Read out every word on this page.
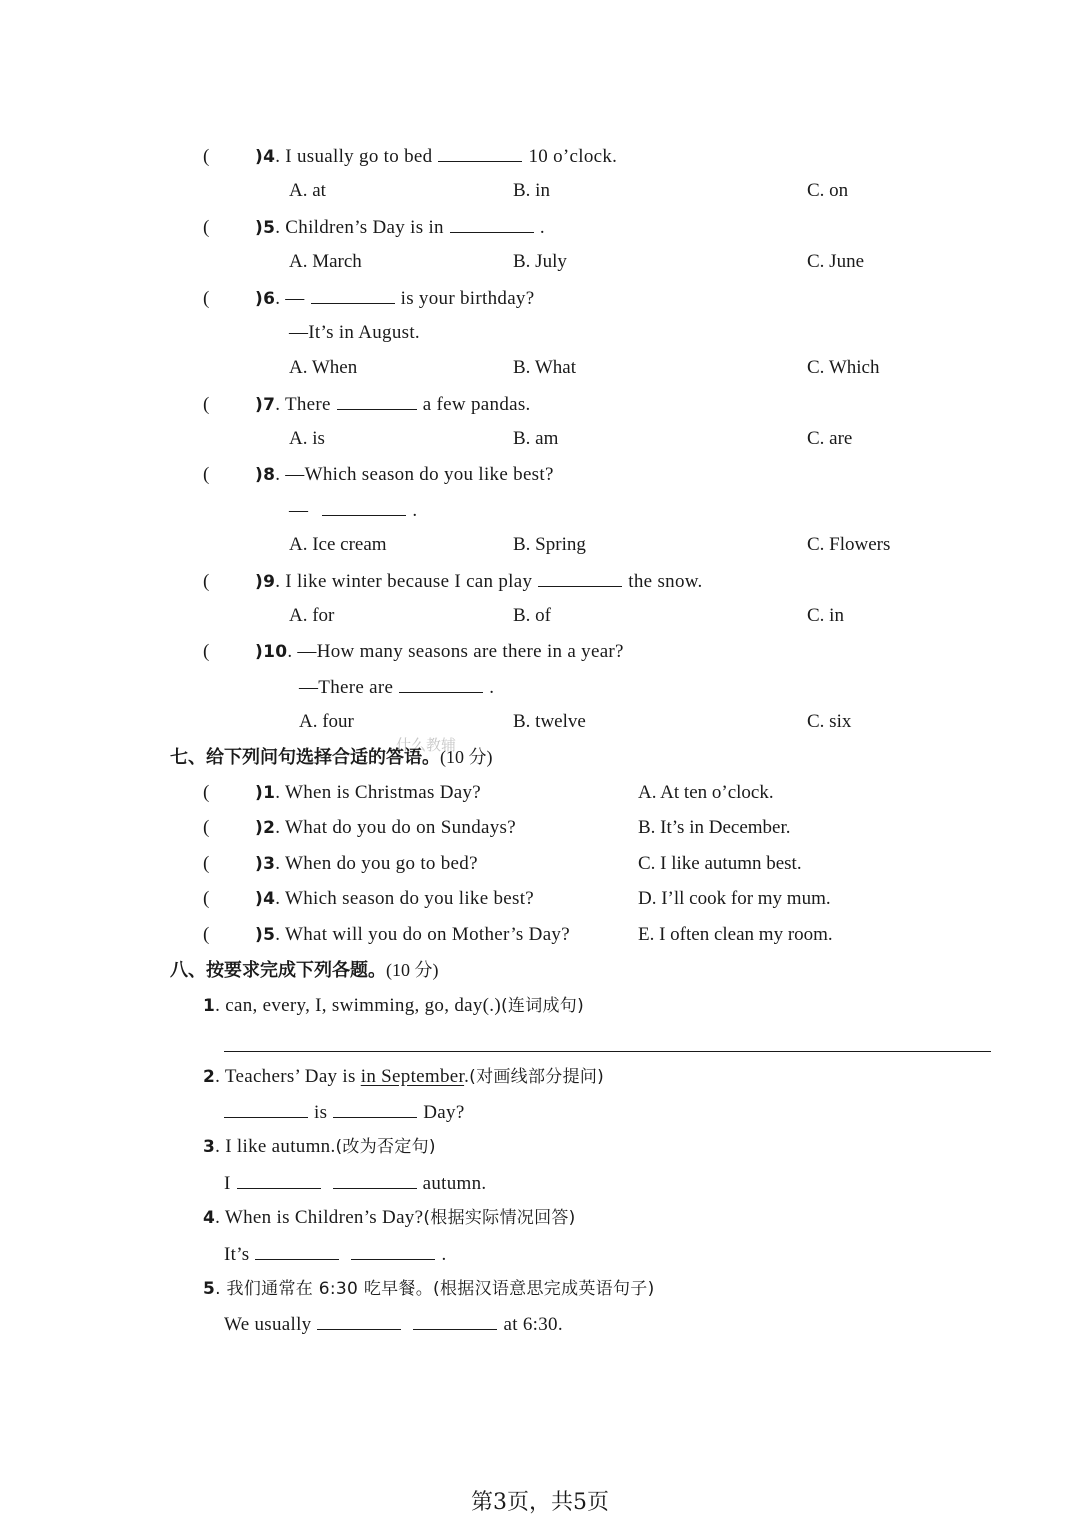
(	)4. I usually go to bed	10 o’clock.
A. at	B. in	C. on
(	)5. Children’s Day is in	.
A. March	B. July	C. June
(	)6. —	is your birthday?
—It’s in August.
A. When	B. What	C. Which
(	)7. There	a few pandas.
A. is	B. am	C. are
(	)8. —Which season do you like best?
—	.
A. Ice cream	B. Spring	C. Flowers
(	)9. I like winter because I can play	the snow.
A. for	B. of	C. in
(	)10. —How many seasons are there in a year?
—There are	.
A. four	B. twelve	C. six
什么教辅
七、给下列问句选择合适的答语。(10 分)
(	)1. When is Christmas Day?	A. At ten o’clock.
(	)2. What do you do on Sundays?	B. It’s in December.
(	)3. When do you go to bed?	C. I like autumn best.
(	)4. Which season do you like best?	D. I’ll cook for my mum.
(	)5. What will you do on Mother’s Day?	E. I often clean my room.
八、按要求完成下列各题。(10 分)
1. can, every, I, swimming, go, day(.)(连词成句)
2. Teachers’ Day is in September.(对画线部分提问)
is	Day?
3. I like autumn.(改为否定句)
I	autumn.
4. When is Children’s Day?(根据实际情况回答)
It’s	.
5. 我们通常在 6:30 吃早餐。(根据汉语意思完成英语句子)
We usually	at 6:30.
第3页，共5页
